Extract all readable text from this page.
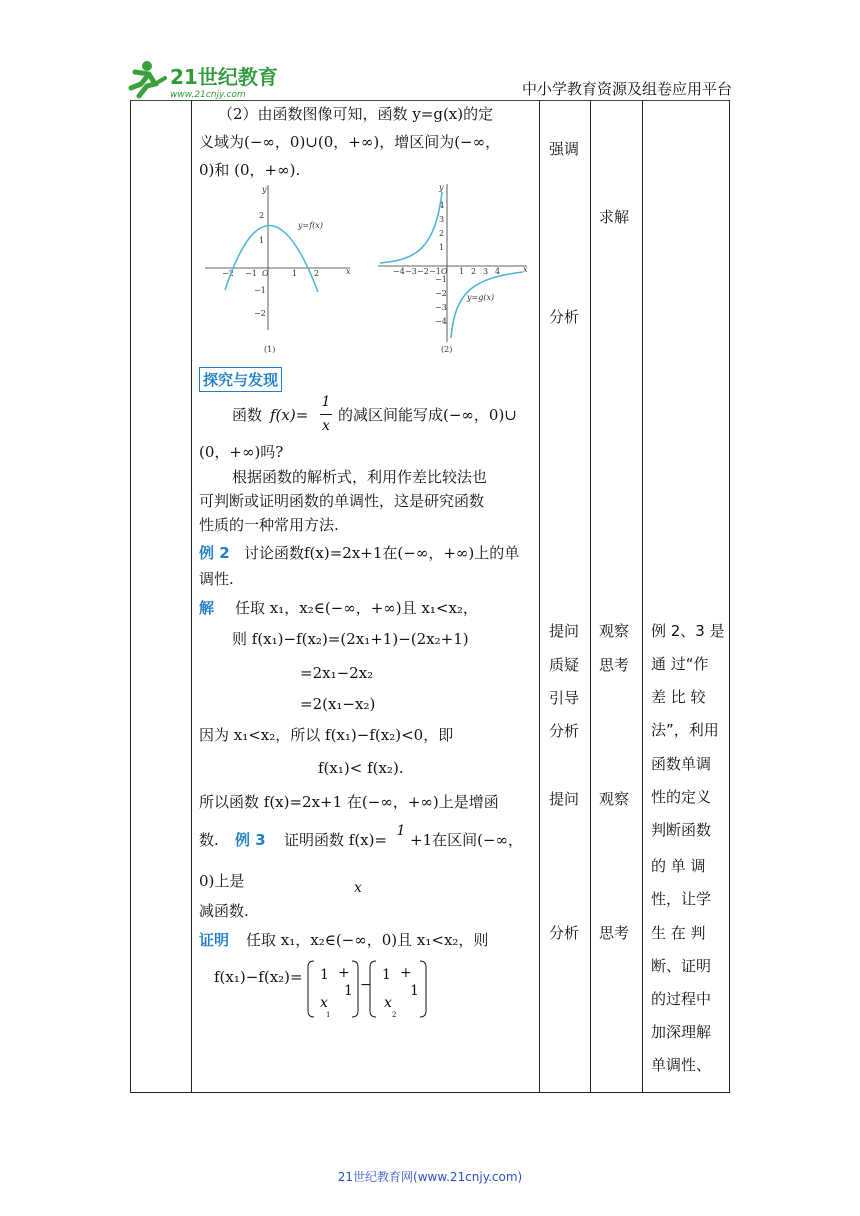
21世纪教育
www.21cnjy.com	中小学教育资源及组卷应用平台
（2）由函数图像可知，函数 y=g(x)的定
义域为(−∞，0)∪(0，+∞)，增区间为(−∞，
0)和 (0，+∞).
x
y
O
−2 −1	1 2
2
1
−1
−2
y=f(x)
(1)
x
y
O
−4 −3 −2 −1 1 2 3 4
4
3
2
1
−1
−2
−3
−4
y=g(x)
(2)
探究与发现
函数 f(x)=
1
x
的减区间能写成(−∞，0)∪
(0，+∞)吗?
根据函数的解析式，利用作差比较法也
可判断或证明函数的单调性，这是研究函数
性质的一种常用方法.
例 2 讨论函数f(x)=2x+1在(−∞，+∞)上的单
调性.
解 任取 x₁，x₂∈(−∞，+∞)且 x₁<x₂，
则 f(x₁)−f(x₂)=(2x₁+1)−(2x₂+1)
=2x₁−2x₂
=2(x₁−x₂)
因为 x₁<x₂，所以 f(x₁)−f(x₂)<0，即
f(x₁)< f(x₂).
所以函数 f(x)=2x+1 在(−∞，+∞)上是增函
数. 例 3 证明函数 f(x)= 1 +1在区间(−∞，
x
0)上是
减函数.
证明 任取 x₁，x₂∈(−∞，0)且 x₁<x₂，则
f(x₁)−f(x₂)= 1 +
1
x
1
−
1 +
1
x
2
强调
分析
提问
质疑
引导
分析
提问
分析
求解
观察
思考
观察
思考
例 2、3 是
通 过“作
差 比 较
法”，利用
函数单调
性的定义
判断函数
的 单 调
性，让学
生 在 判
断、证明
的过程中
加深理解
单调性、
21世纪教育网(www.21cnjy.com)
